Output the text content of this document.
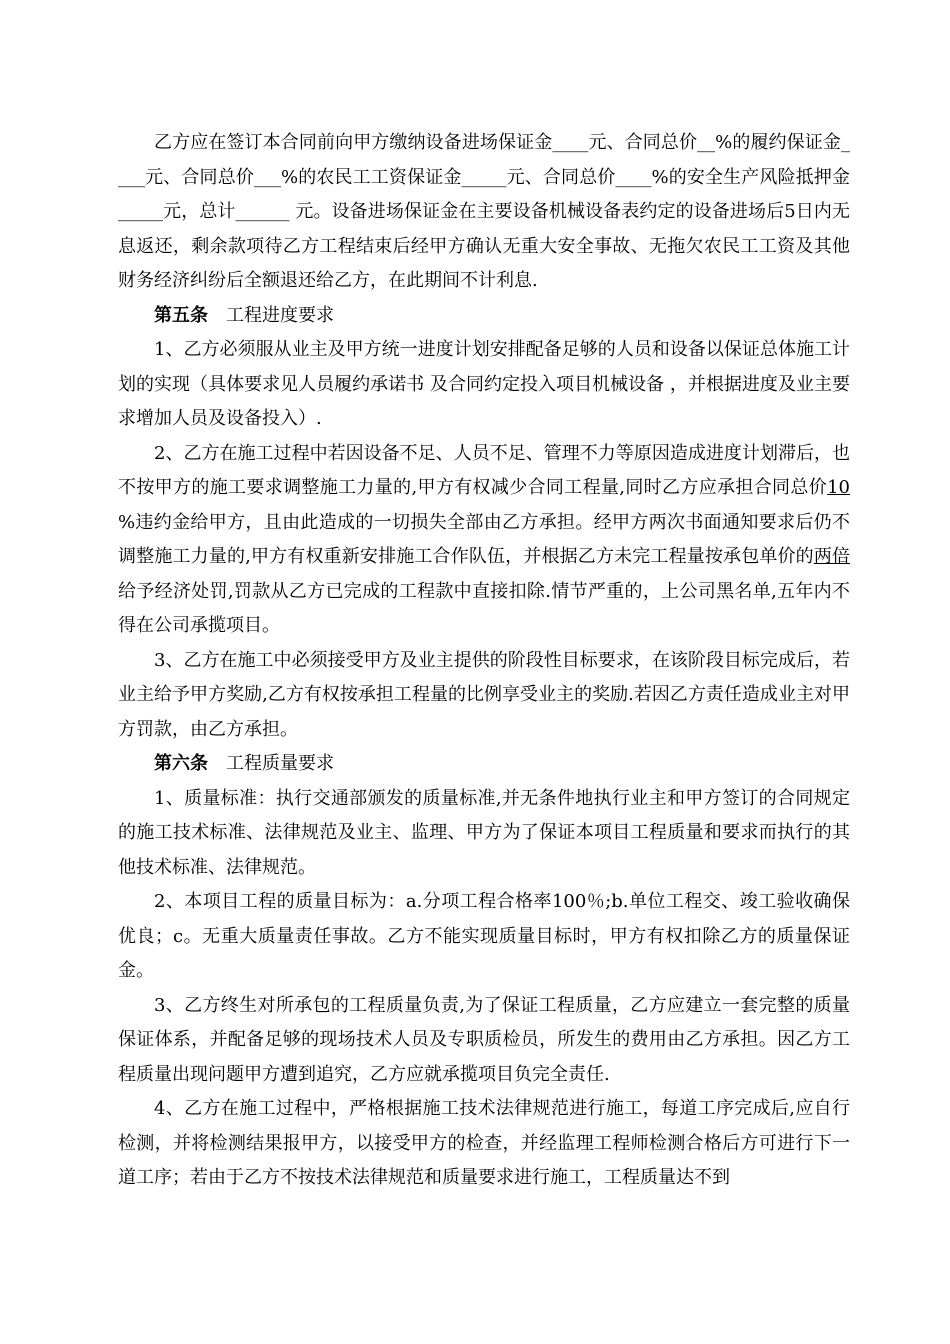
乙方应在签订本合同前向甲方缴纳设备进场保证金____元、合同总价__%的履约保证金____元、合同总价___%的农民工工资保证金_____元、合同总价____%的安全生产风险抵押金_____元，总计______ 元。设备进场保证金在主要设备机械设备表约定的设备进场后5日内无息返还，剩余款项待乙方工程结束后经甲方确认无重大安全事故、无拖欠农民工工资及其他财务经济纠纷后全额退还给乙方，在此期间不计利息.

第五条 工程进度要求

1、乙方必须服从业主及甲方统一进度计划安排配备足够的人员和设备以保证总体施工计划的实现（具体要求见人员履约承诺书 及合同约定投入项目机械设备 ，并根据进度及业主要求增加人员及设备投入）.

2、乙方在施工过程中若因设备不足、人员不足、管理不力等原因造成进度计划滞后，也不按甲方的施工要求调整施工力量的,甲方有权减少合同工程量,同时乙方应承担合同总价10 %违约金给甲方，且由此造成的一切损失全部由乙方承担。经甲方两次书面通知要求后仍不调整施工力量的,甲方有权重新安排施工合作队伍，并根据乙方未完工程量按承包单价的两倍给予经济处罚,罚款从乙方已完成的工程款中直接扣除.情节严重的，上公司黑名单,五年内不得在公司承揽项目。

3、乙方在施工中必须接受甲方及业主提供的阶段性目标要求，在该阶段目标完成后，若业主给予甲方奖励,乙方有权按承担工程量的比例享受业主的奖励.若因乙方责任造成业主对甲方罚款，由乙方承担。

第六条 工程质量要求

1、质量标准：执行交通部颁发的质量标准,并无条件地执行业主和甲方签订的合同规定的施工技术标准、法律规范及业主、监理、甲方为了保证本项目工程质量和要求而执行的其他技术标准、法律规范。

2、本项目工程的质量目标为：a.分项工程合格率100％;b.单位工程交、竣工验收确保优良；c。无重大质量责任事故。乙方不能实现质量目标时，甲方有权扣除乙方的质量保证金。

3、乙方终生对所承包的工程质量负责,为了保证工程质量，乙方应建立一套完整的质量保证体系，并配备足够的现场技术人员及专职质检员，所发生的费用由乙方承担。因乙方工程质量出现问题甲方遭到追究，乙方应就承揽项目负完全责任.

4、乙方在施工过程中，严格根据施工技术法律规范进行施工，每道工序完成后,应自行检测，并将检测结果报甲方，以接受甲方的检查，并经监理工程师检测合格后方可进行下一道工序；若由于乙方不按技术法律规范和质量要求进行施工，工程质量达不到
